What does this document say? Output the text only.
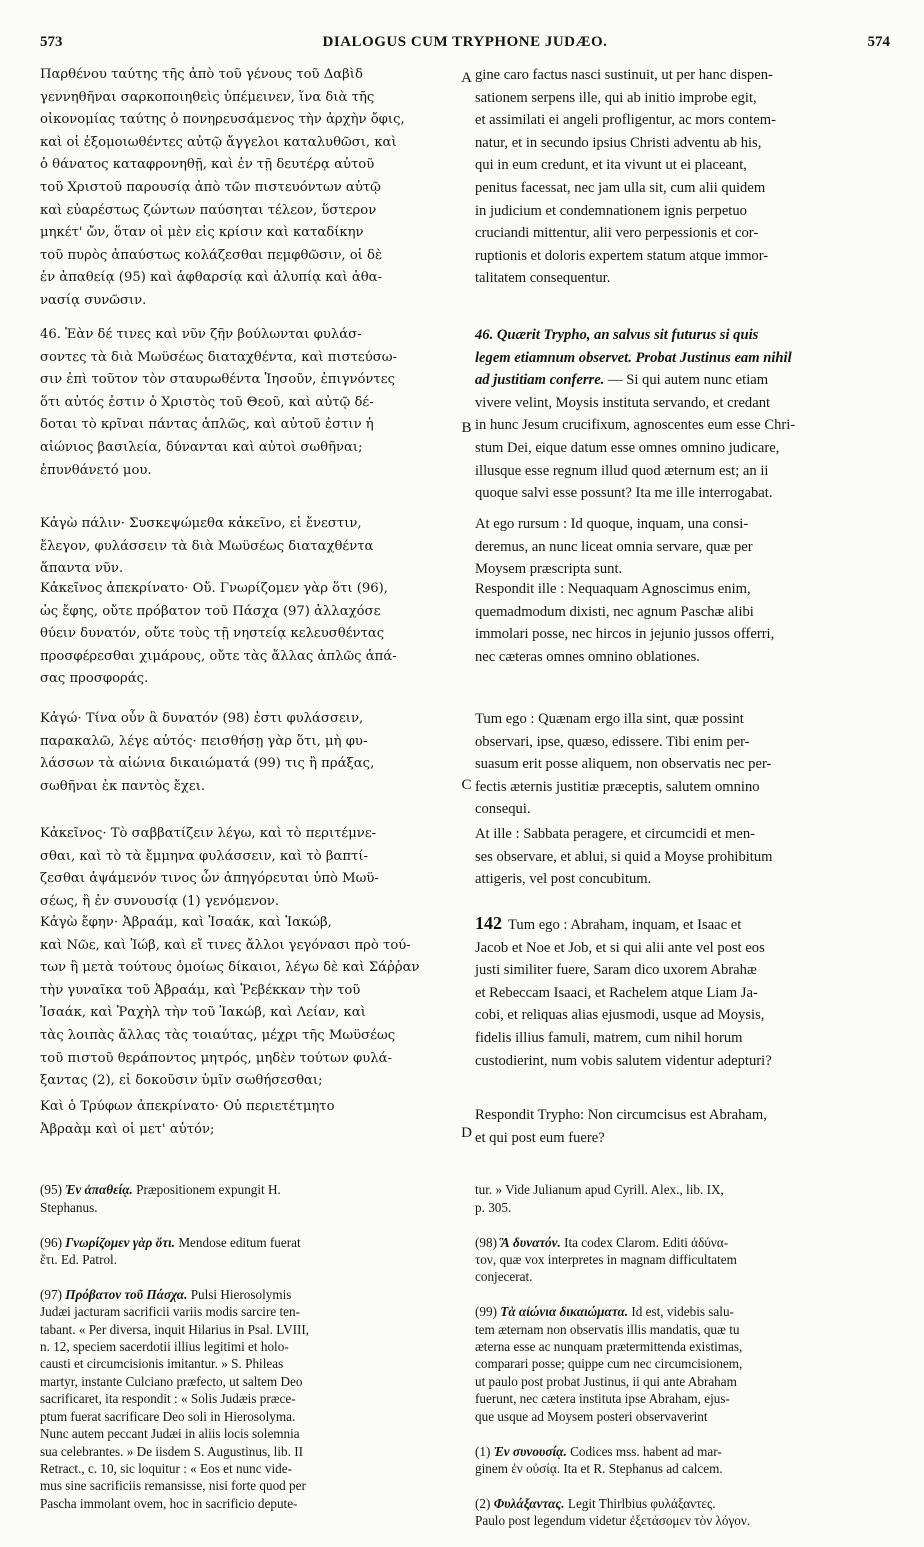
573	DIALOGUS CUM TRYPHONE JUDÆO.	574
Παρθένου ταύτης τῆς ἀπὸ τοῦ γένους τοῦ Δαβὶδ
γεννηθῆναι σαρκοποιηθεὶς ὑπέμεινεν, ἵνα διὰ τῆς
οἰκονομίας ταύτης ὁ πονηρευσάμενος τὴν ἀρχὴν ὄφις,
καὶ οἱ ἐξομοιωθέντες αὐτῷ ἄγγελοι καταλυθῶσι, καὶ
ὁ θάνατος καταφρονηθῇ, καὶ ἐν τῇ δευτέρᾳ αὐτοῦ
τοῦ Χριστοῦ παρουσίᾳ ἀπὸ τῶν πιστευόντων αὐτῷ
καὶ εὐαρέστως ζώντων παύσηται τέλεον, ὕστερον
μηκέτ' ὤν, ὅταν οἱ μὲν εἰς κρίσιν καὶ καταδίκην
τοῦ πυρὸς ἀπαύστως κολάζεσθαι πεμφθῶσιν, οἱ δὲ
ἐν ἀπαθείᾳ (95) καὶ ἀφθαρσίᾳ καὶ ἀλυπίᾳ καὶ ἀθα-
νασίᾳ συνῶσιν.
46. Ἐὰν δέ τινες καὶ νῦν ζῆν βούλωνται φυλάσ-
σοντες τὰ διὰ Μωϋσέως διαταχθέντα, καὶ πιστεύσω-
σιν ἐπὶ τοῦτον τὸν σταυρωθέντα Ἰησοῦν, ἐπιγνόντες
ὅτι αὐτός ἐστιν ὁ Χριστὸς τοῦ Θεοῦ, καὶ αὐτῷ δέ-
δοται τὸ κρῖναι πάντας ἁπλῶς, καὶ αὐτοῦ ἐστιν ἡ
αἰώνιος βασιλεία, δύνανται καὶ αὐτοὶ σωθῆναι;
ἐπυνθάνετό μου.
Κἀγὼ πάλιν· Συσκεψώμεθα κἀκεῖνο, εἰ ἔνεστιν,
ἔλεγον, φυλάσσειν τὰ διὰ Μωϋσέως διαταχθέντα
ἅπαντα νῦν.
Κἀκεῖνος ἀπεκρίνατο· Οὔ. Γνωρίζομεν γὰρ ὅτι (96),
ὡς ἔφης, οὔτε πρόβατον τοῦ Πάσχα (97) ἀλλαχόσε
θύειν δυνατόν, οὔτε τοὺς τῇ νηστείᾳ κελευσθέντας
προσφέρεσθαι χιμάρους, οὔτε τὰς ἄλλας ἁπλῶς ἁπά-
σας προσφοράς.
Κἀγώ· Τίνα οὖν ἃ δυνατόν (98) ἐστι φυλάσσειν,
παρακαλῶ, λέγε αὐτός· πεισθήσῃ γὰρ ὅτι, μὴ φυ-
λάσσων τὰ αἰώνια δικαιώματά (99) τις ἢ πράξας,
σωθῆναι ἐκ παντὸς ἔχει.
Κἀκεῖνος· Τὸ σαββατίζειν λέγω, καὶ τὸ περιτέμνε-
σθαι, καὶ τὸ τὰ ἔμμηνα φυλάσσειν, καὶ τὸ βαπτί-
ζεσθαι ἁψάμενόν τινος ὧν ἀπηγόρευται ὑπὸ Μωϋ-
σέως, ἢ ἐν συνουσίᾳ (1) γενόμενον.
Κἀγὼ ἔφην· Ἀβραάμ, καὶ Ἰσαάκ, καὶ Ἰακώβ,
καὶ Νῶε, καὶ Ἰώβ, καὶ εἴ τινες ἄλλοι γεγόνασι πρὸ τού-
των ἢ μετὰ τούτους ὁμοίως δίκαιοι, λέγω δὲ καὶ Σάῤῥαν
τὴν γυναῖκα τοῦ Ἀβραάμ, καὶ Ῥεβέκκαν τὴν τοῦ
Ἰσαάκ, καὶ Ῥαχὴλ τὴν τοῦ Ἰακώβ, καὶ Λείαν, καὶ
τὰς λοιπὰς ἄλλας τὰς τοιαύτας, μέχρι τῆς Μωϋσέως
τοῦ πιστοῦ θεράποντος μητρός, μηδὲν τούτων φυλά-
ξαντας (2), εἰ δοκοῦσιν ὑμῖν σωθήσεσθαι;
Καὶ ὁ Τρύφων ἀπεκρίνατο· Οὐ περιετέτμητο
Ἀβραὰμ καὶ οἱ μετ' αὐτόν;
A
B
C
D
gine caro factus nasci sustinuit, ut per hanc dispen-
sationem serpens ille, qui ab initio improbe egit,
et assimilati ei angeli profligentur, ac mors contem-
natur, et in secundo ipsius Christi adventu ab his,
qui in eum credunt, et ita vivunt ut ei placeant,
penitus facessat, nec jam ulla sit, cum alii quidem
in judicium et condemnationem ignis perpetuo
cruciandi mittentur, alii vero perpessionis et cor-
ruptionis et doloris expertem statum atque immor-
talitatem consequentur.
46. Quærit Trypho, an salvus sit futurus si quis
legem etiamnum observet. Probat Justinus eam nihil
ad justitiam conferre. — Si qui autem nunc etiam
vivere velint, Moysis instituta servando, et credant
in hunc Jesum crucifixum, agnoscentes eum esse Chri-
stum Dei, eique datum esse omnes omnino judicare,
illusque esse regnum illud quod æternum est; an ii
quoque salvi esse possunt? Ita me ille interrogabat.
At ego rursum : Id quoque, inquam, una consi-
deremus, an nunc liceat omnia servare, quæ per
Moysem præscripta sunt.
Respondit ille : Nequaquam Agnoscimus enim,
quemadmodum dixisti, nec agnum Paschæ alibi
immolari posse, nec hircos in jejunio jussos offerri,
nec cæteras omnes omnino oblationes.
Tum ego : Quænam ergo illa sint, quæ possint
observari, ipse, quæso, edissere. Tibi enim per-
suasum erit posse aliquem, non observatis nec per-
fectis æternis justitiæ præceptis, salutem omnino
consequi.
At ille : Sabbata peragere, et circumcidi et men-
ses observare, et ablui, si quid a Moyse prohibitum
attigeris, vel post concubitum.
142 Tum ego : Abraham, inquam, et Isaac et
Jacob et Noe et Job, et si qui alii ante vel post eos
justi similiter fuere, Saram dico uxorem Abrahæ
et Rebeccam Isaaci, et Rachelem atque Liam Ja-
cobi, et reliquas alias ejusmodi, usque ad Moysis,
fidelis illius famuli, matrem, cum nihil horum
custodierint, num vobis salutem videntur adepturi?
Respondit Trypho: Non circumcisus est Abraham,
et qui post eum fuere?

(95) Ἐν ἀπαθείᾳ. Præpositionem expungit H.
Stephanus.

(96) Γνωρίζομεν γὰρ ὅτι. Mendose editum fuerat
ἔτι. Ed. Patrol.

(97) Πρόβατον τοῦ Πάσχα. Pulsi Hierosolymis
Judæi jacturam sacrificii variis modis sarcire ten-
tabant. « Per diversa, inquit Hilarius in Psal. LVIII,
n. 12, speciem sacerdotii illius legitimi et holo-
causti et circumcisionis imitantur. » S. Phileas
martyr, instante Culciano præfecto, ut saltem Deo
sacrificaret, ita respondit : « Solis Judæis præce-
ptum fuerat sacrificare Deo soli in Hierosolyma.
Nunc autem peccant Judæi in aliis locis solemnia
sua celebrantes. » De iisdem S. Augustinus, lib. II
Retract., c. 10, sic loquitur : « Eos et nunc vide-
mus sine sacrificiis remansisse, nisi forte quod per
Pascha immolant ovem, hoc in sacrificio depute-

tur. » Vide Julianum apud Cyrill. Alex., lib. IX,
p. 305.

(98) Ἃ δυνατόν. Ita codex Clarom. Editi ἀδύνα-
τον, quæ vox interpretes in magnam difficultatem
conjecerat.

(99) Τὰ αἰώνια δικαιώματα. Id est, videbis salu-
tem æternam non observatis illis mandatis, quæ tu
æterna esse ac nunquam prætermittenda existimas,
comparari posse; quippe cum nec circumcisionem,
ut paulo post probat Justinus, ii qui ante Abraham
fuerunt, nec cætera instituta ipse Abraham, ejus-
que usque ad Moysem posteri observaverint

(1) Ἐν συνουσίᾳ. Codices mss. habent ad mar-
ginem ἐν οὐσίᾳ. Ita et R. Stephanus ad calcem.

(2) Φυλάξαντας. Legit Thirlbius φυλάξαντες.
Paulo post legendum videtur ἐξετάσομεν τὸν λόγον.
